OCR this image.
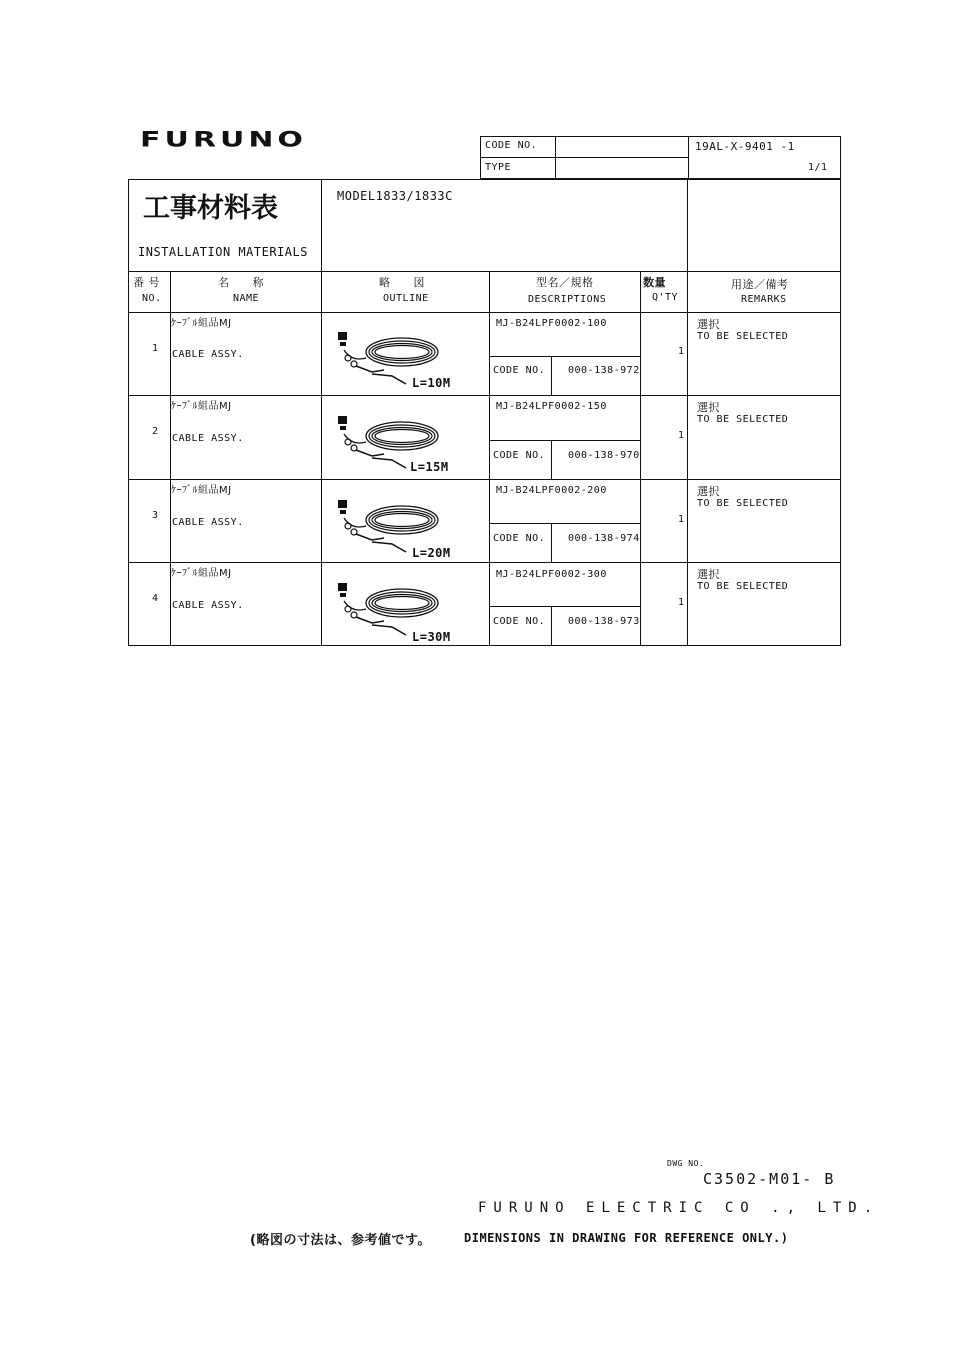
FURUNO	CODE NO.
TYPE
19AL-X-9401 -1
1/1
工事材料表
INSTALLATION MATERIALS
MODEL1833/1833C
番 号
NO.
名　　称
NAME
略　　図
OUTLINE
型名／規格
DESCRIPTIONS
数量
Q'TY
用途／備考
REMARKS
1
ｹｰﾌﾞﾙ組品MJ
CABLE ASSY.
L=10M
MJ-B24LPF0002-100
CODE NO. 000-138-972
1
選択
TO BE SELECTED
2
ｹｰﾌﾞﾙ組品MJ
CABLE ASSY.
L=15M
MJ-B24LPF0002-150
CODE NO. 000-138-970
1
選択
TO BE SELECTED
3
ｹｰﾌﾞﾙ組品MJ
CABLE ASSY.
L=20M
MJ-B24LPF0002-200
CODE NO. 000-138-974
1
選択
TO BE SELECTED
4
ｹｰﾌﾞﾙ組品MJ
CABLE ASSY.
L=30M
MJ-B24LPF0002-300
CODE NO. 000-138-973
1
選択
TO BE SELECTED
DWG NO.
C3502-M01- B
FURUNO ELECTRIC CO ., LTD.
(略図の寸法は、参考値です。	DIMENSIONS IN DRAWING FOR REFERENCE ONLY.)
